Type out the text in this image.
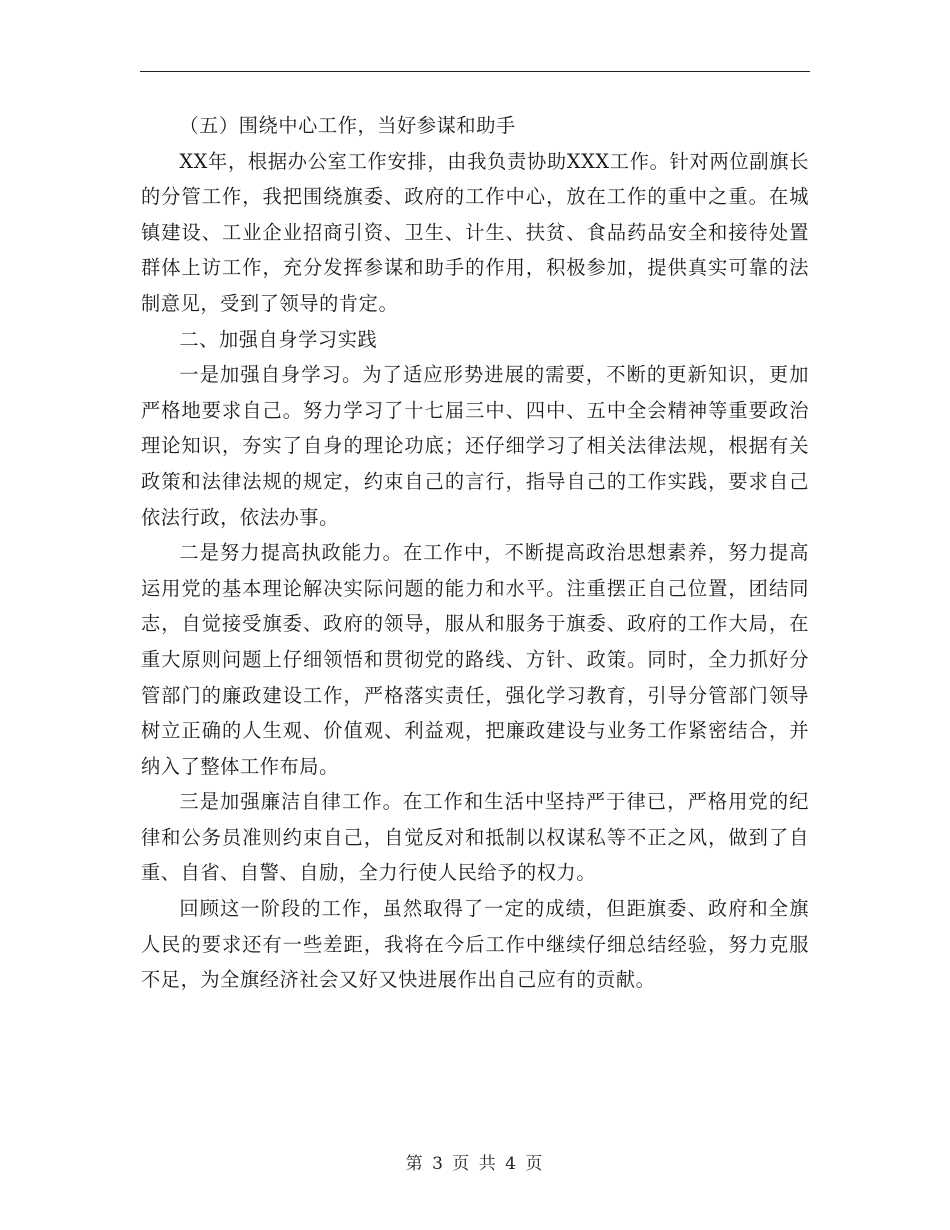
（五）围绕中心工作，当好参谋和助手

XX年，根据办公室工作安排，由我负责协助XXX工作。针对两位副旗长的分管工作，我把围绕旗委、政府的工作中心，放在工作的重中之重。在城镇建设、工业企业招商引资、卫生、计生、扶贫、食品药品安全和接待处置群体上访工作，充分发挥参谋和助手的作用，积极参加，提供真实可靠的法制意见，受到了领导的肯定。

二、加强自身学习实践

一是加强自身学习。为了适应形势进展的需要，不断的更新知识，更加严格地要求自己。努力学习了十七届三中、四中、五中全会精神等重要政治理论知识，夯实了自身的理论功底；还仔细学习了相关法律法规，根据有关政策和法律法规的规定，约束自己的言行，指导自己的工作实践，要求自己依法行政，依法办事。

二是努力提高执政能力。在工作中，不断提高政治思想素养，努力提高运用党的基本理论解决实际问题的能力和水平。注重摆正自己位置，团结同志，自觉接受旗委、政府的领导，服从和服务于旗委、政府的工作大局，在重大原则问题上仔细领悟和贯彻党的路线、方针、政策。同时，全力抓好分管部门的廉政建设工作，严格落实责任，强化学习教育，引导分管部门领导树立正确的人生观、价值观、利益观，把廉政建设与业务工作紧密结合，并纳入了整体工作布局。

三是加强廉洁自律工作。在工作和生活中坚持严于律已，严格用党的纪律和公务员准则约束自己，自觉反对和抵制以权谋私等不正之风，做到了自重、自省、自警、自励，全力行使人民给予的权力。

回顾这一阶段的工作，虽然取得了一定的成绩，但距旗委、政府和全旗人民的要求还有一些差距，我将在今后工作中继续仔细总结经验，努力克服不足，为全旗经济社会又好又快进展作出自己应有的贡献。

第 3 页 共 4 页
